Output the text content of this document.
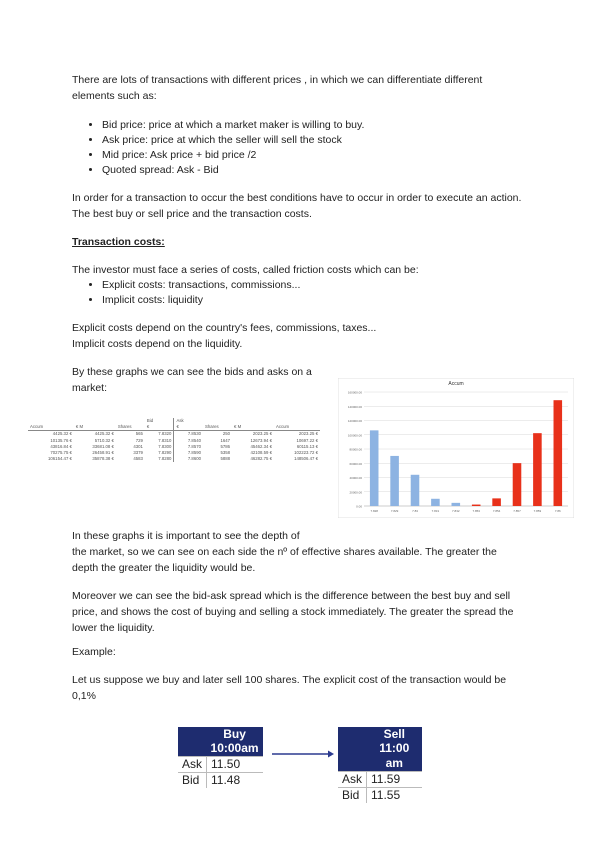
There are lots of transactions with different prices , in which we can differentiate different elements such as:

• Bid price: price at which a market maker is willing to buy.
• Ask price: price at which the seller will sell the stock
• Mid price: Ask price + bid price /2
• Quoted spread: Ask - Bid

In order for a transaction to occur the best conditions have to occur in order to execute an action. The best buy or sell price and the transaction costs.

Transaction costs:

The investor must face a series of costs, called friction costs which can be:

• Explicit costs: transactions, commissions...
• Implicit costs: liquidity

Explicit costs depend on the country's fees, commissions, taxes...

Implicit costs depend on the liquidity.

By these graphs we can see the bids and asks on a market:

			Bid	Ask			
Accum	€ M	Shares	€	€	Shares	€ M	Accum
4425.32 €	4425.32 €	565	7.8320	7.8530	250	2023.25 €	2023.25 €
10135.76 €	5710.32 €	729	7.8310	7.8540	1647	12673.94 €	10697.22 €
43816.84 €	33681.08 €	4301	7.8300	7.8570	5786	45462.34 €	60115.13 €
70275.75 €	26458.91 €	3379	7.8290	7.8590	5358	42108.59 €	102223.72 €
106154.47 €	35878.38 €	4583	7.8280	7.8600	5888	46282.75 €	148506.47 €
Accum
0.00
20000.00
40000.00
60000.00
80000.00
100000.00
120000.00
140000.00
160000.00
7.828	7.829	7.83	7.831	7.832	7.853	7.854	7.857	7.859	7.86

In these graphs it is important to see the depth of

the market, so we can see on each side the nº of effective shares available. The greater the depth the greater the liquidity would be.

Moreover we can see the bid-ask spread which is the difference between the best buy and sell price, and shows the cost of buying and selling a stock immediately. The greater the spread the lower the liquidity.

Example:

Let us suppose we buy and later sell 100 shares. The explicit cost of the transaction would be 0,1%

	Buy
	10:00am
Ask	11.50
Bid	11.48
	Sell
	11:00 am
Ask	11.59
Bid	11.55
